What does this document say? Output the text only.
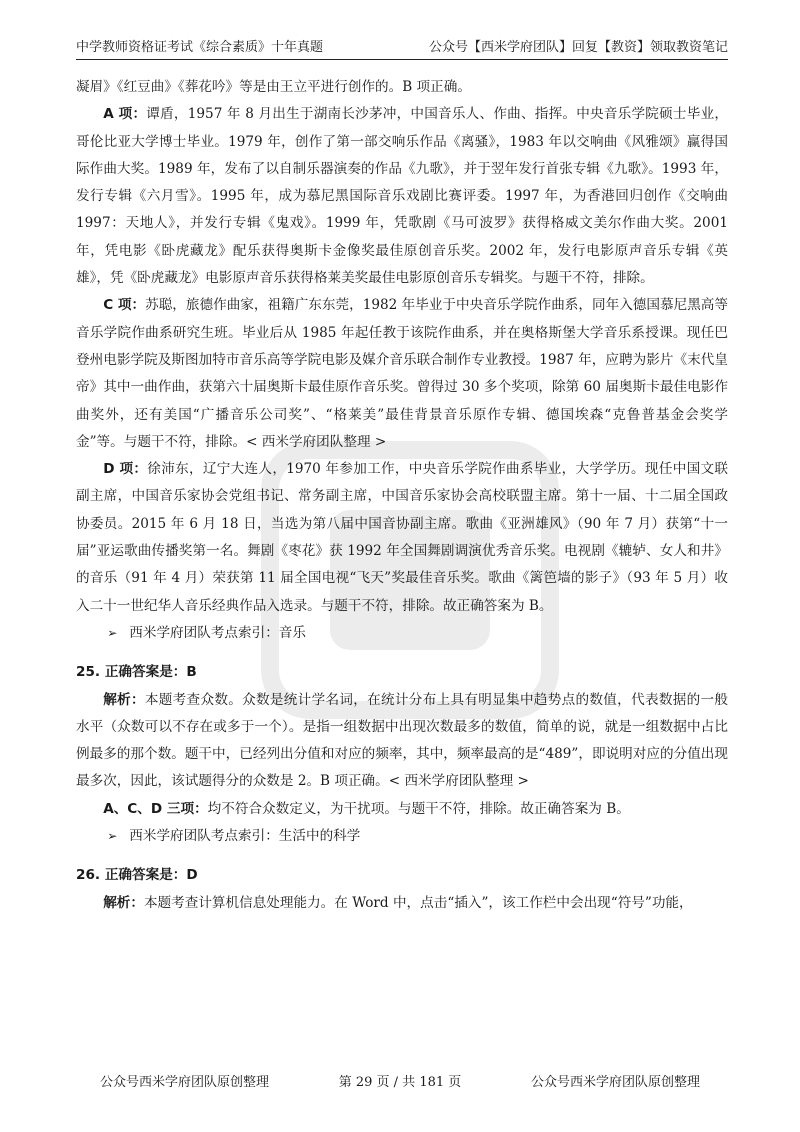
中学教师资格证考试《综合素质》十年真题	公众号【西米学府团队】回复【教资】领取教资笔记

凝眉》《红豆曲》《葬花吟》等是由王立平进行创作的。B 项正确。

A 项：谭盾，1957 年 8 月出生于湖南长沙茅冲，中国音乐人、作曲、指挥。中央音乐学院硕士毕业，哥伦比亚大学博士毕业。1979 年，创作了第一部交响乐作品《离骚》，1983 年以交响曲《风雅颂》赢得国际作曲大奖。1989 年，发布了以自制乐器演奏的作品《九歌》，并于翌年发行首张专辑《九歌》。1993 年，发行专辑《六月雪》。1995 年，成为慕尼黑国际音乐戏剧比赛评委。1997 年，为香港回归创作《交响曲 1997：天地人》，并发行专辑《鬼戏》。1999 年，凭歌剧《马可波罗》获得格威文美尔作曲大奖。2001 年，凭电影《卧虎藏龙》配乐获得奥斯卡金像奖最佳原创音乐奖。2002 年，发行电影原声音乐专辑《英雄》，凭《卧虎藏龙》电影原声音乐获得格莱美奖最佳电影原创音乐专辑奖。与题干不符，排除。

C 项：苏聪，旅德作曲家，祖籍广东东莞，1982 年毕业于中央音乐学院作曲系，同年入德国慕尼黑高等音乐学院作曲系研究生班。毕业后从 1985 年起任教于该院作曲系，并在奥格斯堡大学音乐系授课。现任巴登州电影学院及斯图加特市音乐高等学院电影及媒介音乐联合制作专业教授。1987 年，应聘为影片《末代皇帝》其中一曲作曲，获第六十届奥斯卡最佳原作音乐奖。曾得过 30 多个奖项，除第 60 届奥斯卡最佳电影作曲奖外，还有美国“广播音乐公司奖”、“格莱美”最佳背景音乐原作专辑、德国埃森“克鲁普基金会奖学金”等。与题干不符，排除。< 西米学府团队整理 >

D 项：徐沛东，辽宁大连人，1970 年参加工作，中央音乐学院作曲系毕业，大学学历。现任中国文联副主席，中国音乐家协会党组书记、常务副主席，中国音乐家协会高校联盟主席。第十一届、十二届全国政协委员。2015 年 6 月 18 日，当选为第八届中国音协副主席。歌曲《亚洲雄风》（90 年 7 月）获第“十一届”亚运歌曲传播奖第一名。舞剧《枣花》获 1992 年全国舞剧调演优秀音乐奖。电视剧《辘轳、女人和井》的音乐（91 年 4 月）荣获第 11 届全国电视“飞天”奖最佳音乐奖。歌曲《篱笆墙的影子》（93 年 5 月）收入二十一世纪华人音乐经典作品入选录。与题干不符，排除。故正确答案为 B。

➢ 西米学府团队考点索引：音乐

25. 正确答案是：B

解析：本题考查众数。众数是统计学名词，在统计分布上具有明显集中趋势点的数值，代表数据的一般水平（众数可以不存在或多于一个）。是指一组数据中出现次数最多的数值，简单的说，就是一组数据中占比例最多的那个数。题干中，已经列出分值和对应的频率，其中，频率最高的是“489”，即说明对应的分值出现最多次，因此，该试题得分的众数是 2。B 项正确。< 西米学府团队整理 >

A、C、D 三项：均不符合众数定义，为干扰项。与题干不符，排除。故正确答案为 B。

➢ 西米学府团队考点索引：生活中的科学

26. 正确答案是：D

解析：本题考查计算机信息处理能力。在 Word 中，点击“插入”，该工作栏中会出现“符号”功能，

公众号西米学府团队原创整理	第 29 页 / 共 181 页	公众号西米学府团队原创整理
